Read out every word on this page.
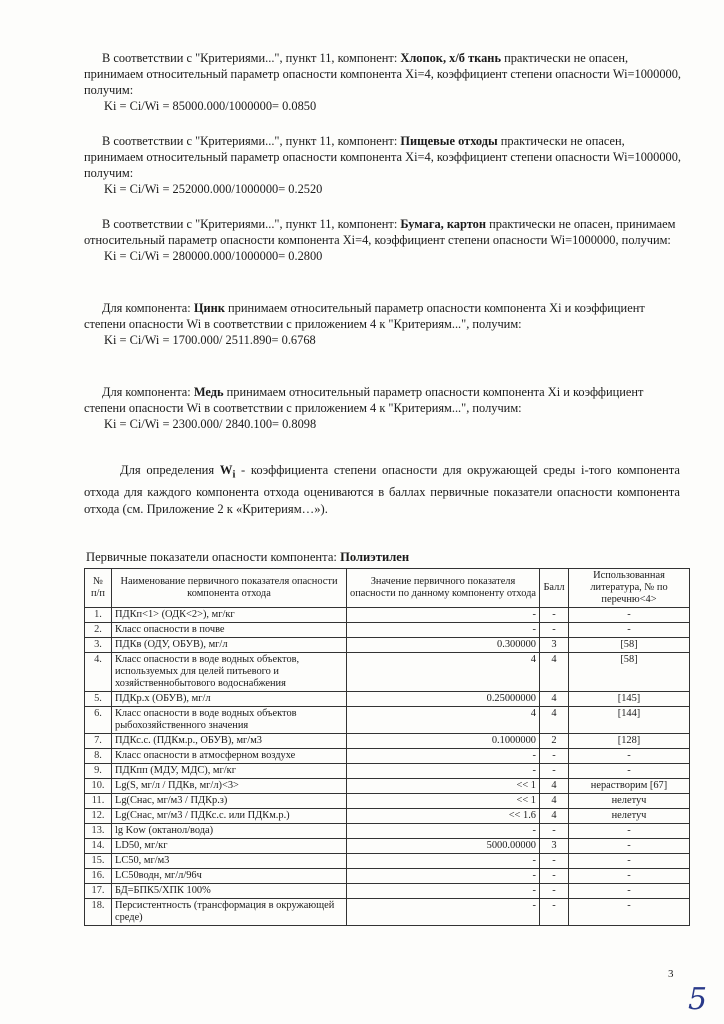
В соответствии с "Критериями...", пункт 11, компонент: Хлопок, х/б ткань практически не опасен, принимаем относительный параметр опасности компонента Xi=4, коэффициент степени опасности Wi=1000000, получим:

Ki = Ci/Wi = 85000.000/1000000= 0.0850

В соответствии с "Критериями...", пункт 11, компонент: Пищевые отходы практически не опасен, принимаем относительный параметр опасности компонента Xi=4, коэффициент степени опасности Wi=1000000, получим:

Ki = Ci/Wi = 252000.000/1000000= 0.2520

В соответствии с "Критериями...", пункт 11, компонент: Бумага, картон практически не опасен, принимаем относительный параметр опасности компонента Xi=4, коэффициент степени опасности Wi=1000000, получим:

Ki = Ci/Wi = 280000.000/1000000= 0.2800

Для компонента: Цинк принимаем относительный параметр опасности компонента Xi и коэффициент степени опасности Wi в соответствии с приложением 4 к "Критериям...", получим:

Ki = Ci/Wi = 1700.000/ 2511.890= 0.6768

Для компонента: Медь принимаем относительный параметр опасности компонента Xi и коэффициент степени опасности Wi в соответствии с приложением 4 к "Критериям...", получим:

Ki = Ci/Wi = 2300.000/ 2840.100= 0.8098

Для определения $W_i$ - коэффициента степени опасности для окружающей среды i-того компонента отхода для каждого компонента отхода оцениваются в баллах первичные показатели опасности компонента отхода (см. Приложение 2 к «Критериям…»).
Первичные показатели опасности компонента: Полиэтилен
№ п/п	Наименование первичного показателя опасности компонента отхода	Значение первичного показателя опасности по данному компоненту отхода	Балл	Использованная литература, № по перечню<4>
1.	ПДКп<1> (ОДК<2>), мг/кг	-	-	-
2.	Класс опасности в почве	-	-	-
3.	ПДКв (ОДУ, ОБУВ), мг/л	0.300000	3	[58]
4.	Класс опасности в воде водных объектов, используемых для целей питьевого и хозяйственнобытового водоснабжения	4	4	[58]
5.	ПДКр.х (ОБУВ), мг/л	0.25000000	4	[145]
6.	Класс опасности в воде водных объектов рыбохозяйственного значения	4	4	[144]
7.	ПДКс.с. (ПДКм.р., ОБУВ), мг/м3	0.1000000	2	[128]
8.	Класс опасности в атмосферном воздухе	-	-	-
9.	ПДКпп (МДУ, МДС), мг/кг	-	-	-
10.	Lg(S, мг/л / ПДКв, мг/л)<3>	<< 1	4	нерастворим [67]
11.	Lg(Снас, мг/м3 / ПДКр.з)	<< 1	4	нелетуч
12.	Lg(Снас, мг/м3 / ПДКс.с. или ПДКм.р.)	<< 1.6	4	нелетуч
13.	lg Kow (октанол/вода)	-	-	-
14.	LD50, мг/кг	5000.00000	3	-
15.	LC50, мг/м3	-	-	-
16.	LC50водн, мг/л/96ч	-	-	-
17.	БД=БПК5/ХПК 100%	-	-	-
18.	Персистентность (трансформация в окружающей среде)	-	-	-
3
5
